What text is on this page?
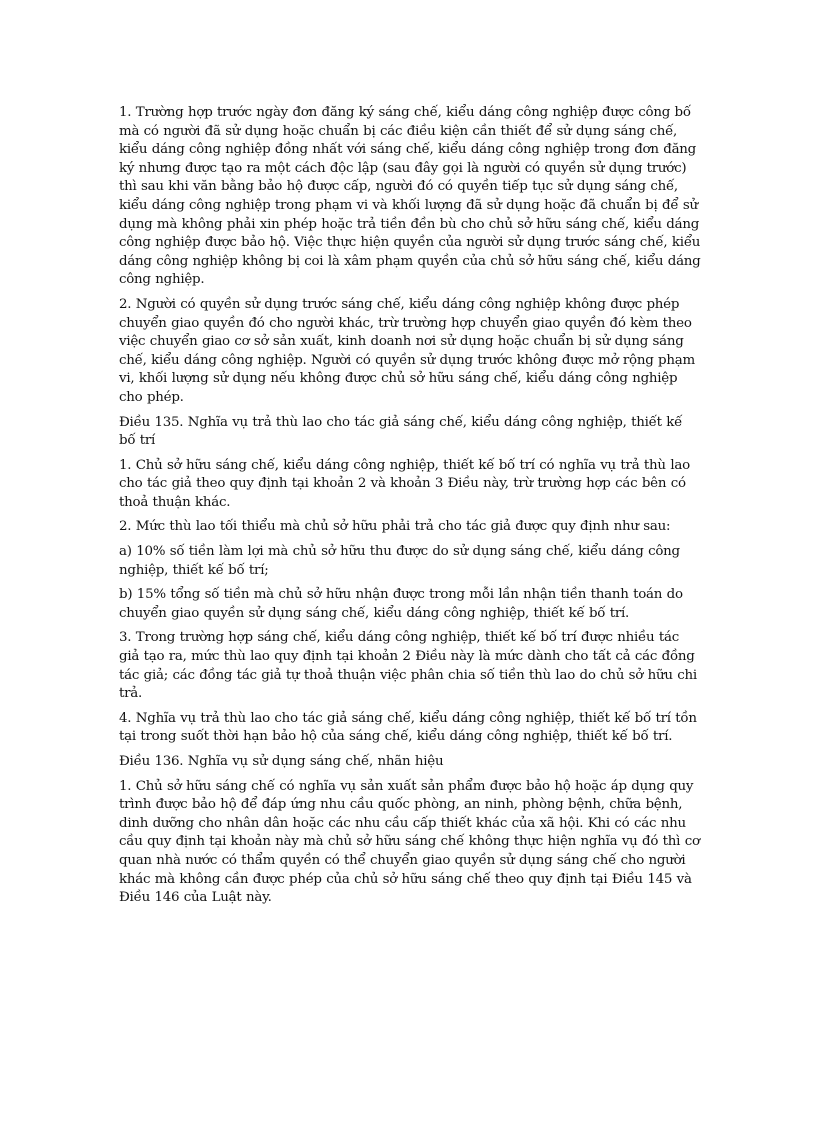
1. Trường hợp trước ngày đơn đăng ký sáng chế, kiểu dáng công nghiệp được công bố mà có người đã sử dụng hoặc chuẩn bị các điều kiện cần thiết để sử dụng sáng chế, kiểu dáng công nghiệp đồng nhất với sáng chế, kiểu dáng công nghiệp trong đơn đăng ký nhưng được tạo ra một cách độc lập (sau đây gọi là người có quyền sử dụng trước) thì sau khi văn bằng bảo hộ được cấp, người đó có quyền tiếp tục sử dụng sáng chế, kiểu dáng công nghiệp trong phạm vi và khối lượng đã sử dụng hoặc đã chuẩn bị để sử dụng mà không phải xin phép hoặc trả tiền đền bù cho chủ sở hữu sáng chế, kiểu dáng công nghiệp được bảo hộ. Việc thực hiện quyền của người sử dụng trước sáng chế, kiểu dáng công nghiệp không bị coi là xâm phạm quyền của chủ sở hữu sáng chế, kiểu dáng công nghiệp.

2. Người có quyền sử dụng trước sáng chế, kiểu dáng công nghiệp không được phép chuyển giao quyền đó cho người khác, trừ trường hợp chuyển giao quyền đó kèm theo việc chuyển giao cơ sở sản xuất, kinh doanh nơi sử dụng hoặc chuẩn bị sử dụng sáng chế, kiểu dáng công nghiệp. Người có quyền sử dụng trước không được mở rộng phạm vi, khối lượng sử dụng nếu không được chủ sở hữu sáng chế, kiểu dáng công nghiệp cho phép.

Điều 135. Nghĩa vụ trả thù lao cho tác giả sáng chế, kiểu dáng công nghiệp, thiết kế bố trí

1. Chủ sở hữu sáng chế, kiểu dáng công nghiệp, thiết kế bố trí có nghĩa vụ trả thù lao cho tác giả theo quy định tại khoản 2 và khoản 3 Điều này, trừ trường hợp các bên có thoả thuận khác.

2. Mức thù lao tối thiểu mà chủ sở hữu phải trả cho tác giả được quy định như sau:

a) 10% số tiền làm lợi mà chủ sở hữu thu được do sử dụng sáng chế, kiểu dáng công nghiệp, thiết kế bố trí;

b) 15% tổng số tiền mà chủ sở hữu nhận được trong mỗi lần nhận tiền thanh toán do chuyển giao quyền sử dụng sáng chế, kiểu dáng công nghiệp, thiết kế bố trí.

3. Trong trường hợp sáng chế, kiểu dáng công nghiệp, thiết kế bố trí được nhiều tác giả tạo ra, mức thù lao quy định tại khoản 2 Điều này là mức dành cho tất cả các đồng tác giả; các đồng tác giả tự thoả thuận việc phân chia số tiền thù lao do chủ sở hữu chi trả.

4. Nghĩa vụ trả thù lao cho tác giả sáng chế, kiểu dáng công nghiệp, thiết kế bố trí tồn tại trong suốt thời hạn bảo hộ của sáng chế, kiểu dáng công nghiệp, thiết kế bố trí.

Điều 136. Nghĩa vụ sử dụng sáng chế, nhãn hiệu

1. Chủ sở hữu sáng chế có nghĩa vụ sản xuất sản phẩm được bảo hộ hoặc áp dụng quy trình được bảo hộ để đáp ứng nhu cầu quốc phòng, an ninh, phòng bệnh, chữa bệnh, dinh dưỡng cho nhân dân hoặc các nhu cầu cấp thiết khác của xã hội. Khi có các nhu cầu quy định tại khoản này mà chủ sở hữu sáng chế không thực hiện nghĩa vụ đó thì cơ quan nhà nước có thẩm quyền có thể chuyển giao quyền sử dụng sáng chế cho người khác mà không cần được phép của chủ sở hữu sáng chế theo quy định tại Điều 145 và Điều 146 của Luật này.
